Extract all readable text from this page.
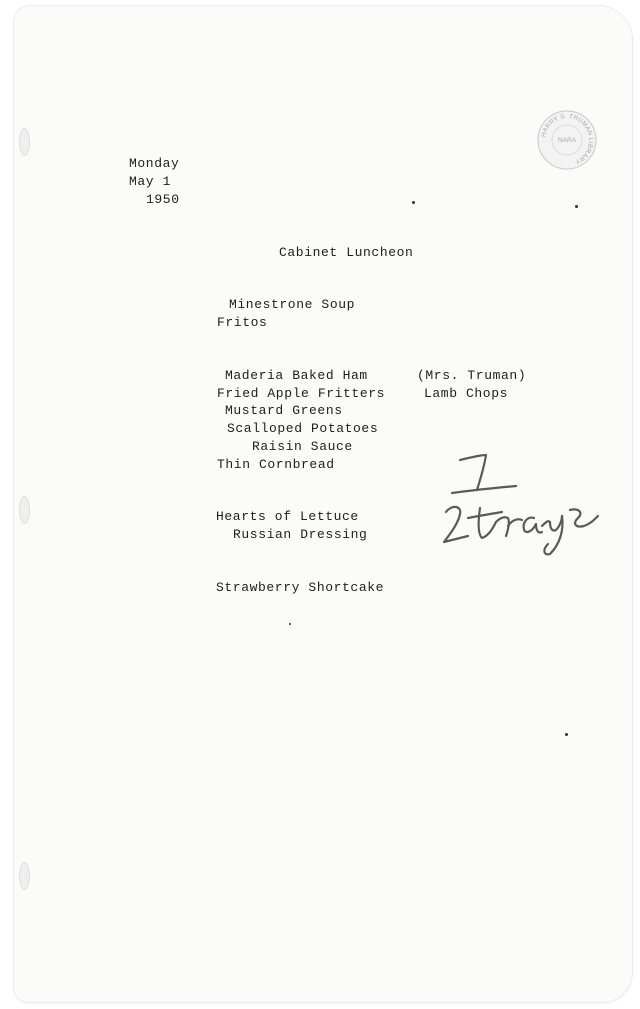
HARRY S. TRUMAN LIBRARY
NARA
Monday
May 1
1950
Cabinet Luncheon
Minestrone Soup
Fritos
Maderia Baked Ham
Fried Apple Fritters
Mustard Greens
Scalloped Potatoes
Raisin Sauce
Thin Cornbread
(Mrs. Truman)
Lamb Chops
Hearts of Lettuce
Russian Dressing
Strawberry Shortcake
